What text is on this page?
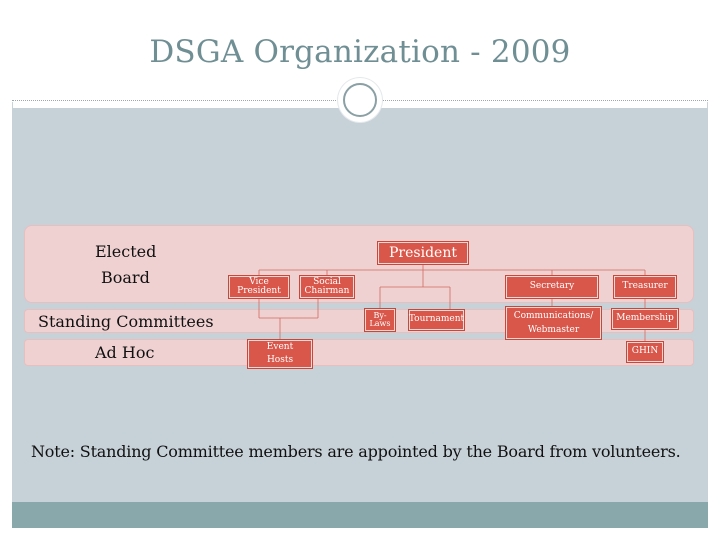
DSGA Organization - 2009
Elected
Board
Standing Committees
Ad Hoc
President
Vice
President
Social
Chairman	Secretary	Treasurer
By-
Laws Tournament	Communications/
Webmaster
Membership
Event
Hosts
GHIN
Note: Standing Committee members are appointed by the Board from volunteers.
